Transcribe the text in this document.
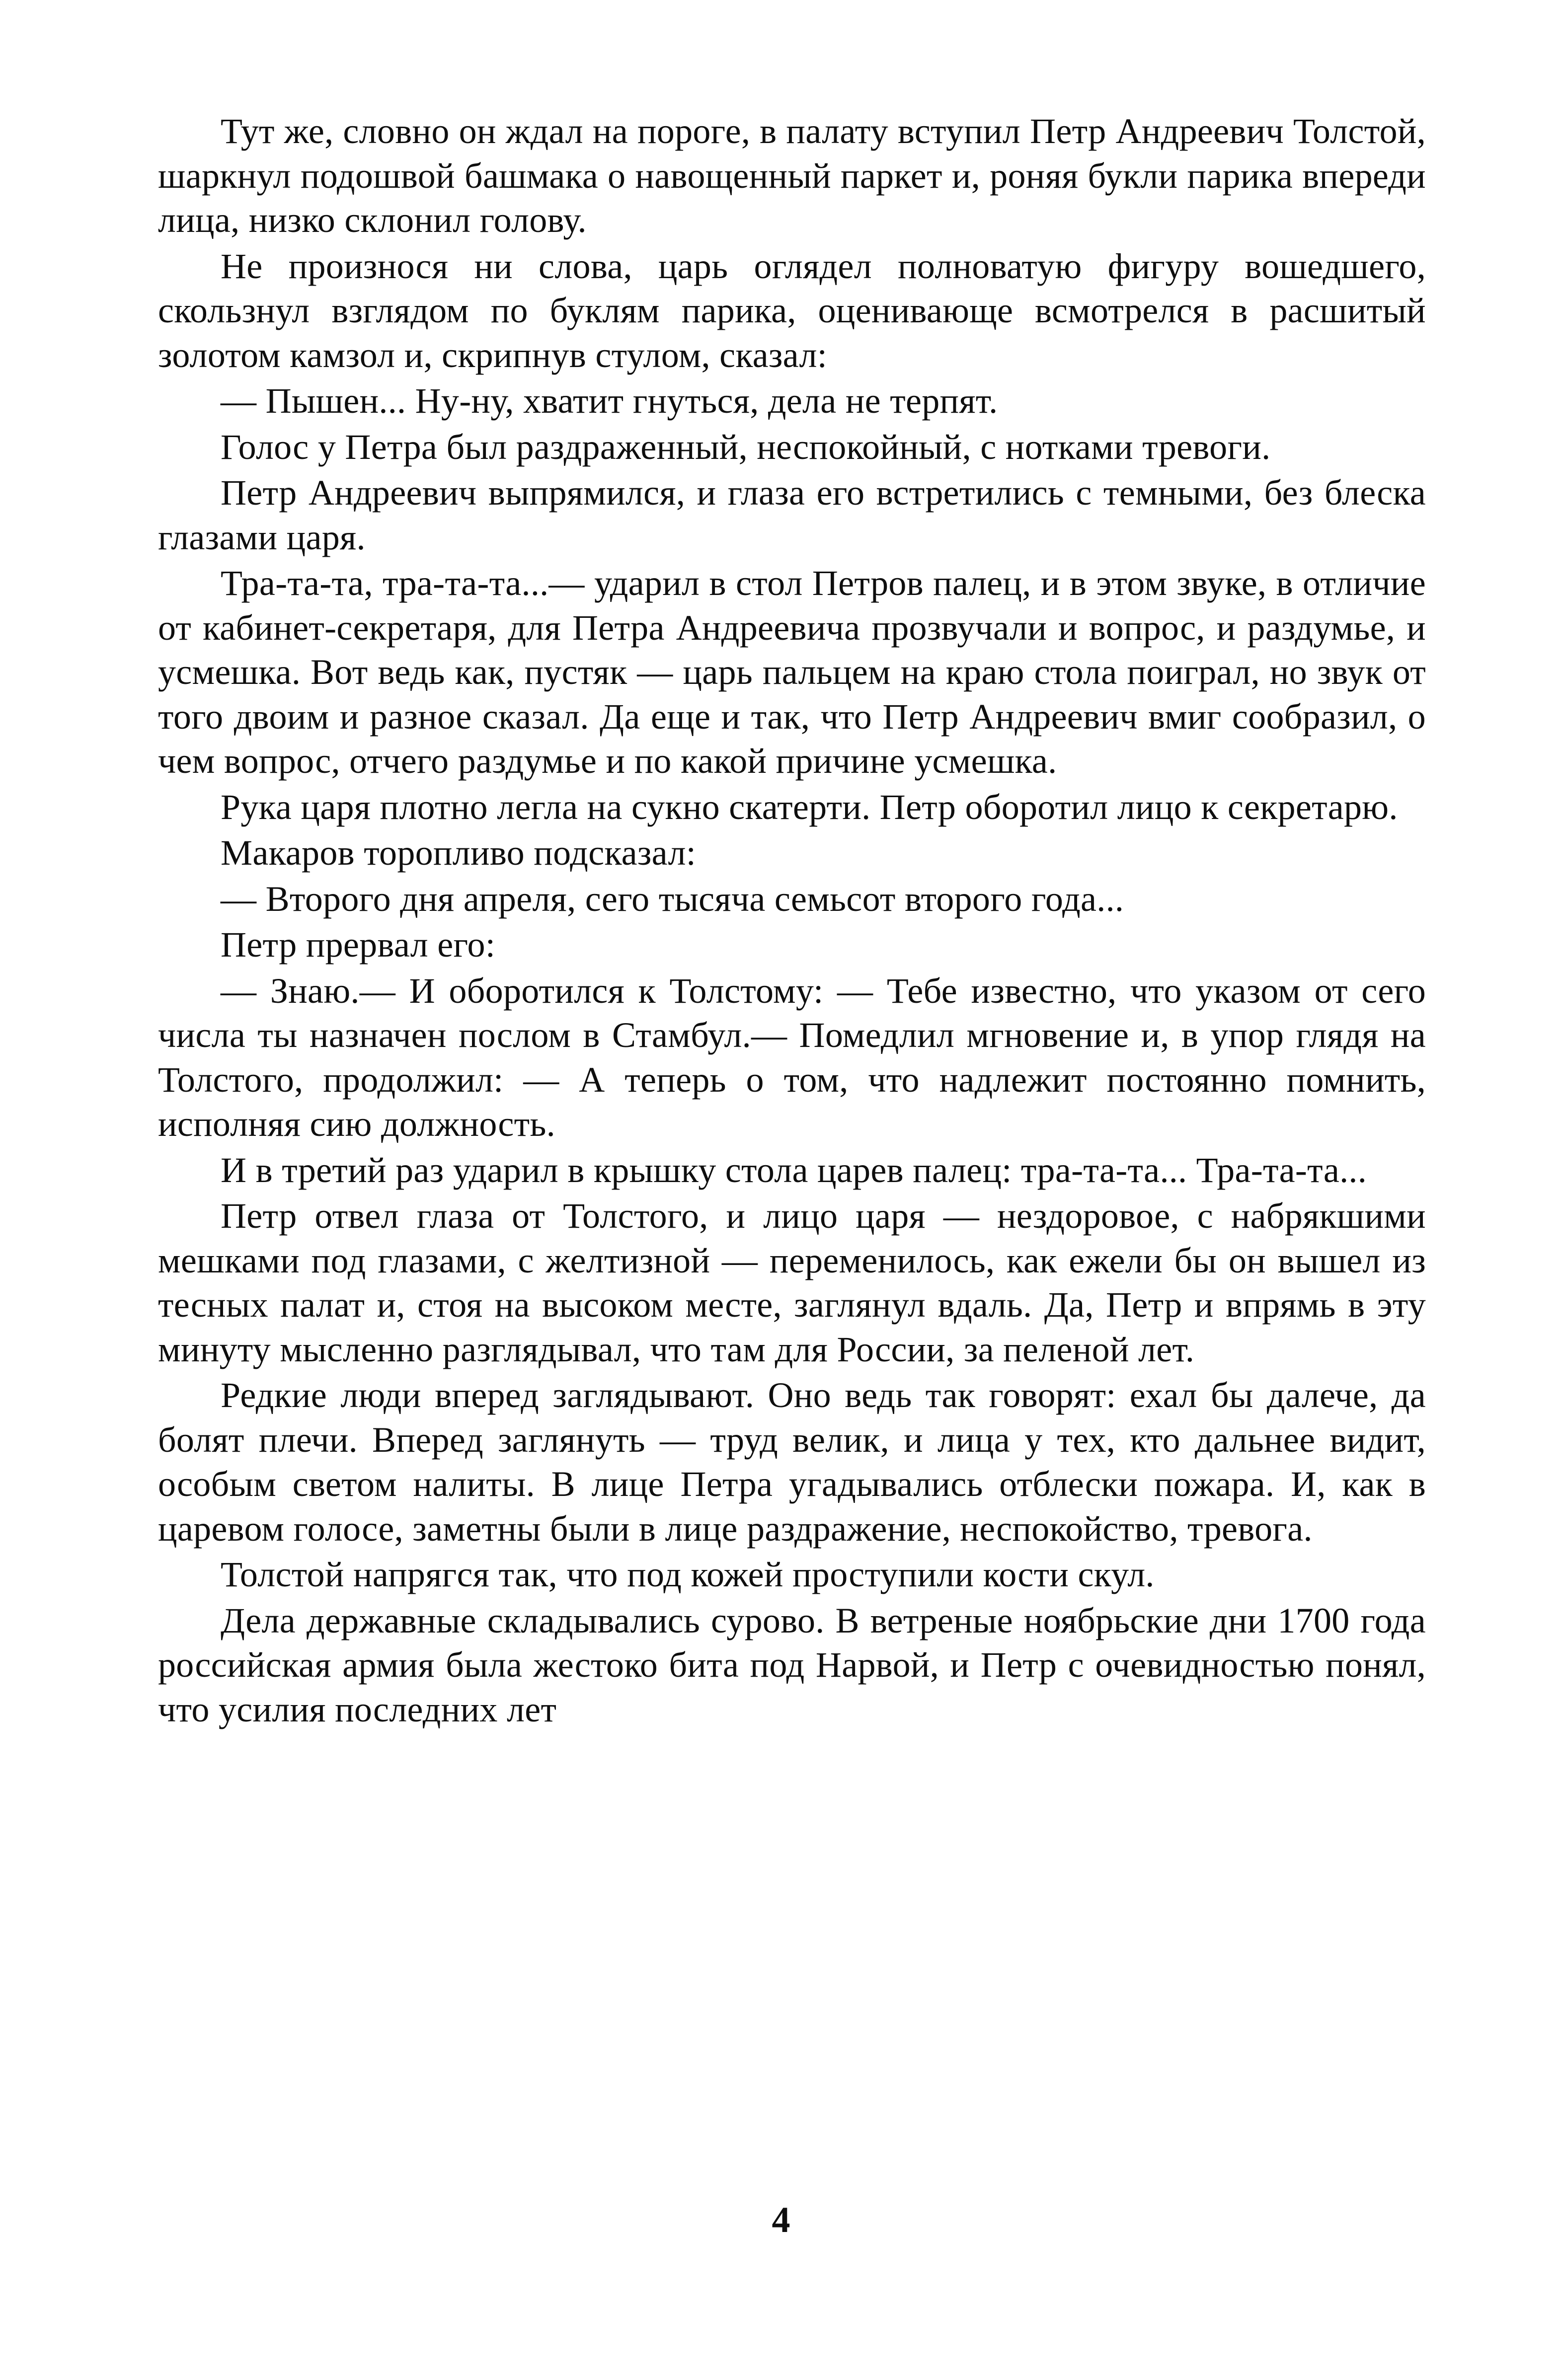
Тут же, словно он ждал на пороге, в палату вступил Петр Андреевич Толстой, шаркнул подошвой башмака о навощенный паркет и, роняя букли парика впереди лица, низко склонил голову.

Не произнося ни слова, царь оглядел полноватую фигуру вошедшего, скользнул взглядом по буклям парика, оценивающе всмотрелся в расшитый золотом камзол и, скрипнув стулом, сказал:

— Пышен... Ну-ну, хватит гнуться, дела не терпят.

Голос у Петра был раздраженный, неспокойный, с нотками тревоги.

Петр Андреевич выпрямился, и глаза его встретились с темными, без блеска глазами царя.

Тра-та-та, тра-та-та...— ударил в стол Петров палец, и в этом звуке, в отличие от кабинет-секретаря, для Петра Андреевича прозвучали и вопрос, и раздумье, и усмешка. Вот ведь как, пустяк — царь пальцем на краю стола поиграл, но звук от того двоим и разное сказал. Да еще и так, что Петр Андреевич вмиг сообразил, о чем вопрос, отчего раздумье и по какой причине усмешка.

Рука царя плотно легла на сукно скатерти. Петр оборотил лицо к секретарю.

Макаров торопливо подсказал:

— Второго дня апреля, сего тысяча семьсот второго года...

Петр прервал его:

— Знаю.— И оборотился к Толстому: — Тебе известно, что указом от сего числа ты назначен послом в Стамбул.— Помедлил мгновение и, в упор глядя на Толстого, продолжил: — А теперь о том, что надлежит постоянно помнить, исполняя сию должность.

И в третий раз ударил в крышку стола царев палец: тра-та-та... Тра-та-та...

Петр отвел глаза от Толстого, и лицо царя — нездоровое, с набрякшими мешками под глазами, с желтизной — переменилось, как ежели бы он вышел из тесных палат и, стоя на высоком месте, заглянул вдаль. Да, Петр и впрямь в эту минуту мысленно разглядывал, что там для России, за пеленой лет.

Редкие люди вперед заглядывают. Оно ведь так говорят: ехал бы далече, да болят плечи. Вперед заглянуть — труд велик, и лица у тех, кто дальнее видит, особым светом налиты. В лице Петра угадывались отблески пожара. И, как в царевом голосе, заметны были в лице раздражение, неспокойство, тревога.

Толстой напрягся так, что под кожей проступили кости скул.

Дела державные складывались сурово. В ветреные ноябрьские дни 1700 года российская армия была жестоко бита под Нарвой, и Петр с очевидностью понял, что усилия последних лет

4
